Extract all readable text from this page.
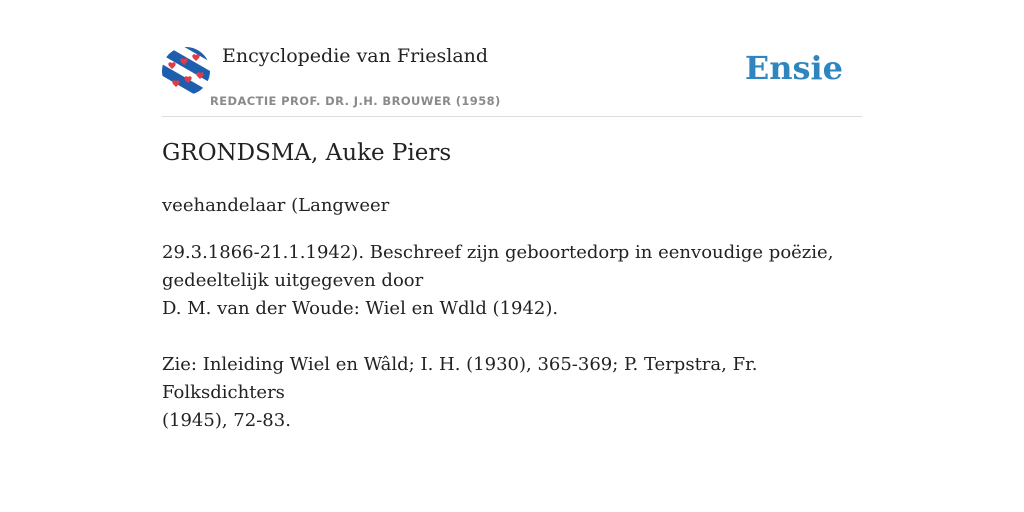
Encyclopedie van Friesland
REDACTIE PROF. DR. J.H. BROUWER (1958)
Ensie
GRONDSMA, Auke Piers
veehandelaar (Langweer
29.3.1866-21.1.1942). Beschreef zijn geboortedorp in eenvoudige poëzie,
gedeeltelijk uitgegeven door
D. M. van der Woude: Wiel en Wdld (1942).
Zie: Inleiding Wiel en Wâld; I. H. (1930), 365-369; P. Terpstra, Fr. Folksdichters
(1945), 72-83.
